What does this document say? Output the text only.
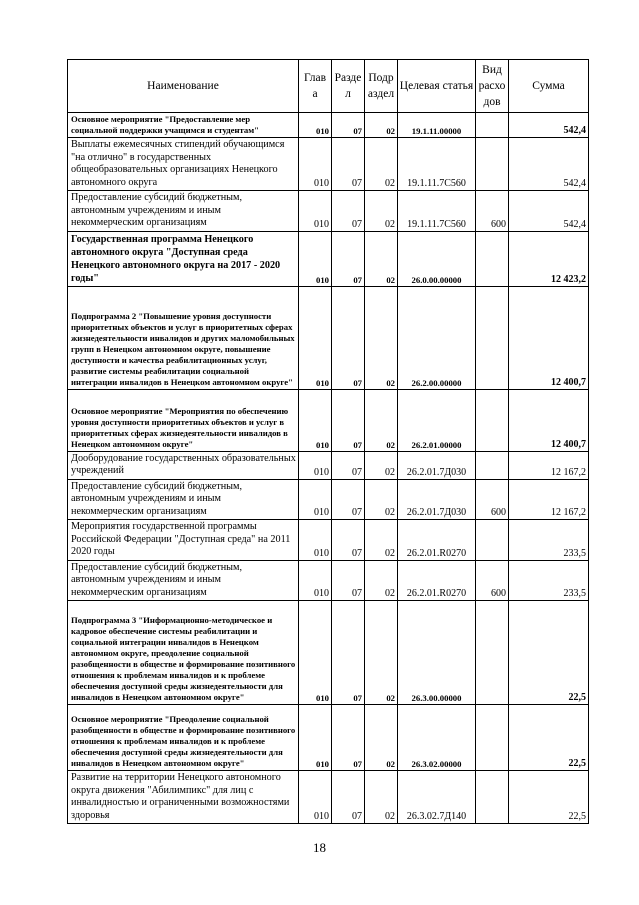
Наименование	Глав а	Разде л	Подр аздел	Целевая статья	Вид расхо дов	Сумма
Основное мероприятие "Предоставление мер социальной поддержки учащимся и студентам"	010	07	02	19.1.11.00000		542,4
Выплаты ежемесячных стипендий обучающимся "на отлично" в государственных общеобразовательных организациях Ненецкого автономного округа	010	07	02	19.1.11.7С560		542,4
Предоставление субсидий бюджетным, автономным учреждениям и иным некоммерческим организациям	010	07	02	19.1.11.7С560	600	542,4
Государственная программа Ненецкого автономного округа "Доступная среда Ненецкого автономного округа на 2017 - 2020 годы"	010	07	02	26.0.00.00000		12 423,2
Подпрограмма 2 "Повышение уровня доступности приоритетных объектов и услуг в приоритетных сферах жизнедеятельности инвалидов и других маломобильных групп в Ненецком автономном округе, повышение доступности и качества реабилитационных услуг, развитие системы реабилитации социальной интеграции инвалидов в Ненецком автономном округе"	010	07	02	26.2.00.00000		12 400,7
Основное мероприятие "Мероприятия по обеспечению уровня доступности приоритетных объектов и услуг в приоритетных сферах жизнедеятельности инвалидов в Ненецком автономном округе"	010	07	02	26.2.01.00000		12 400,7
Дооборудование государственных образовательных учреждений	010	07	02	26.2.01.7Д030		12 167,2
Предоставление субсидий бюджетным, автономным учреждениям и иным некоммерческим организациям	010	07	02	26.2.01.7Д030	600	12 167,2
Мероприятия государственной программы Российской Федерации "Доступная среда" на 2011 2020 годы	010	07	02	26.2.01.R0270		233,5
Предоставление субсидий бюджетным, автономным учреждениям и иным некоммерческим организациям	010	07	02	26.2.01.R0270	600	233,5
Подпрограмма 3 "Информационно-методическое и кадровое обеспечение системы реабилитации и социальной интеграции инвалидов в Ненецком автономном округе, преодоление социальной разобщенности в обществе и формирование позитивного отношения к проблемам инвалидов и к проблеме обеспечения доступной среды жизнедеятельности для инвалидов в Ненецком автономном округе"	010	07	02	26.3.00.00000		22,5
Основное мероприятие "Преодоление социальной разобщенности в обществе и формирование позитивного отношения к проблемам инвалидов и к проблеме обеспечения доступной среды жизнедеятельности для инвалидов в Ненецком автономном округе"	010	07	02	26.3.02.00000		22,5
Развитие на территории Ненецкого автономного округа движения "Абилимпикс" для лиц с инвалидностью и ограниченными возможностями здоровья	010	07	02	26.3.02.7Д140		22,5
18
